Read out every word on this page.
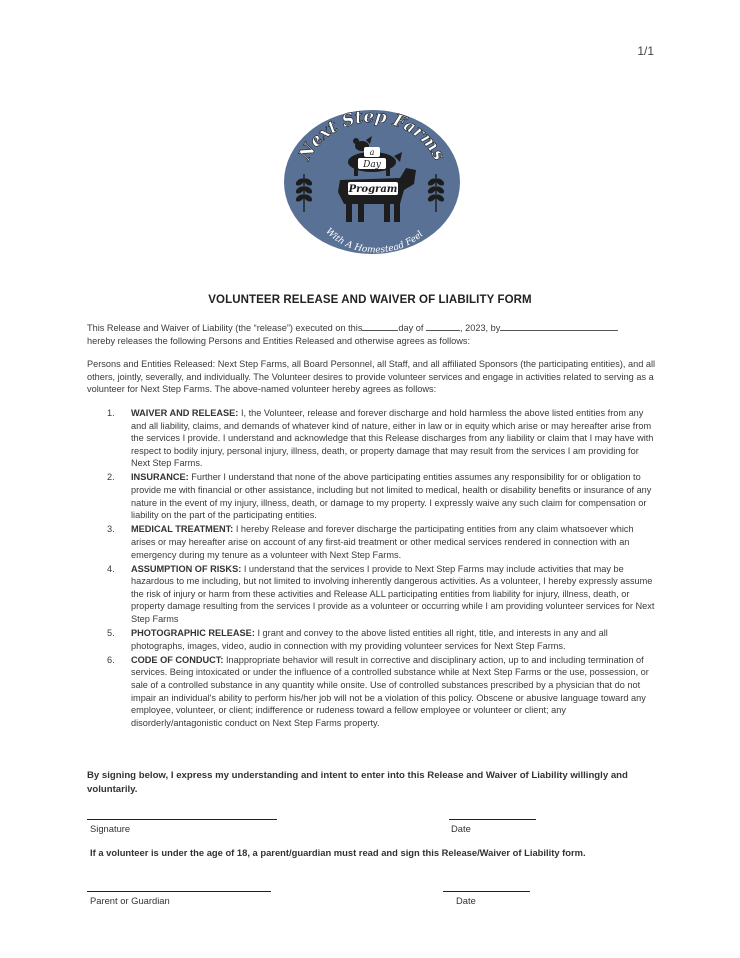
1/1
Next Step Farms
With A Homestead Feel
a
Day
Program
VOLUNTEER RELEASE AND WAIVER OF LIABILITY FORM
This Release and Waiver of Liability (the “release”) executed on this	day of	, 2023, by
hereby releases the following Persons and Entities Released and otherwise agrees as follows:
Persons and Entities Released: Next Step Farms, all Board Personnel, all Staff, and all affiliated Sponsors (the participating entities), and all others, jointly, severally, and individually. The Volunteer desires to provide volunteer services and engage in activities related to serving as a volunteer for Next Step Farms. The above-named volunteer hereby agrees as follows:
1. WAIVER AND RELEASE: I, the Volunteer, release and forever discharge and hold harmless the above listed entities from any and all liability, claims, and demands of whatever kind of nature, either in law or in equity which arise or may hereafter arise from the services I provide. I understand and acknowledge that this Release discharges from any liability or claim that I may have with respect to bodily injury, personal injury, illness, death, or property damage that may result from the services I am providing for Next Step Farms.
2. INSURANCE: Further I understand that none of the above participating entities assumes any responsibility for or obligation to provide me with financial or other assistance, including but not limited to medical, health or disability benefits or insurance of any nature in the event of my injury, illness, death, or damage to my property. I expressly waive any such claim for compensation or liability on the part of the participating entities.
3. MEDICAL TREATMENT: I hereby Release and forever discharge the participating entities from any claim whatsoever which arises or may hereafter arise on account of any first-aid treatment or other medical services rendered in connection with an emergency during my tenure as a volunteer with Next Step Farms.
4. ASSUMPTION OF RISKS: I understand that the services I provide to Next Step Farms may include activities that may be hazardous to me including, but not limited to involving inherently dangerous activities. As a volunteer, I hereby expressly assume the risk of injury or harm from these activities and Release ALL participating entities from liability for injury, illness, death, or property damage resulting from the services I provide as a volunteer or occurring while I am providing volunteer services for Next Step Farms
5. PHOTOGRAPHIC RELEASE: I grant and convey to the above listed entities all right, title, and interests in any and all photographs, images, video, audio in connection with my providing volunteer services for Next Step Farms.
6. CODE OF CONDUCT: Inappropriate behavior will result in corrective and disciplinary action, up to and including termination of services. Being intoxicated or under the influence of a controlled substance while at Next Step Farms or the use, possession, or sale of a controlled substance in any quantity while onsite. Use of controlled substances prescribed by a physician that do not impair an individual's ability to perform his/her job will not be a violation of this policy. Obscene or abusive language toward any employee, volunteer, or client; indifference or rudeness toward a fellow employee or volunteer or client; any disorderly/antagonistic conduct on Next Step Farms property.
By signing below, I express my understanding and intent to enter into this Release and Waiver of Liability willingly and voluntarily.
Signature	Date
If a volunteer is under the age of 18, a parent/guardian must read and sign this Release/Waiver of Liability form.
Parent or Guardian	Date
